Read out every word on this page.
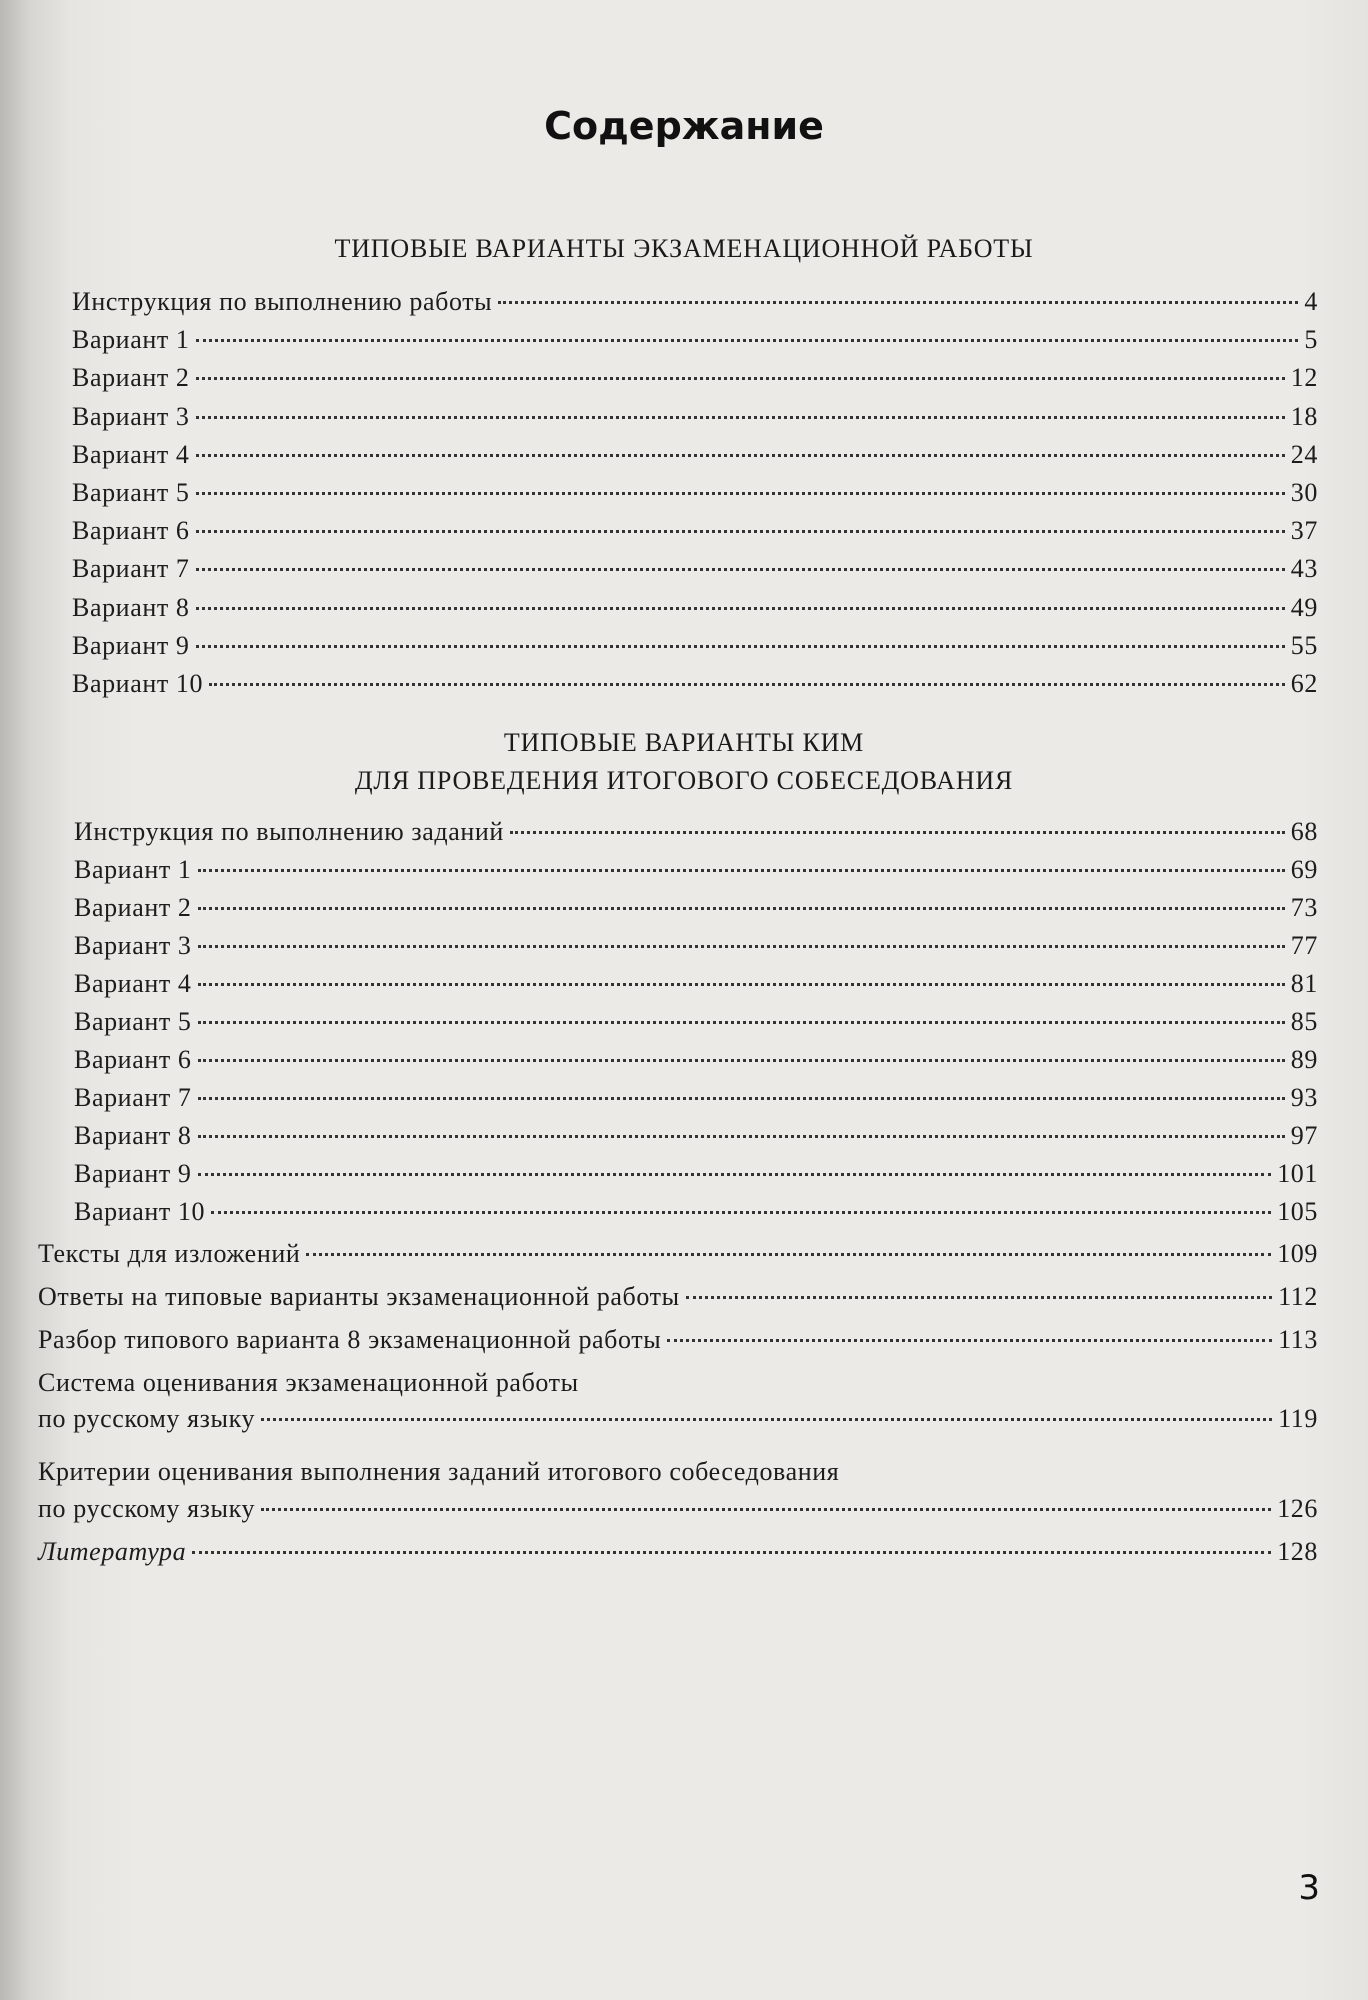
Содержание
ТИПОВЫЕ ВАРИАНТЫ ЭКЗАМЕНАЦИОННОЙ РАБОТЫ
Инструкция по выполнению работы	4
Вариант 1	5
Вариант 2	12
Вариант 3	18
Вариант 4	24
Вариант 5	30
Вариант 6	37
Вариант 7	43
Вариант 8	49
Вариант 9	55
Вариант 10	62
ТИПОВЫЕ ВАРИАНТЫ КИМ
ДЛЯ ПРОВЕДЕНИЯ ИТОГОВОГО СОБЕСЕДОВАНИЯ
Инструкция по выполнению заданий	68
Вариант 1	69
Вариант 2	73
Вариант 3	77
Вариант 4	81
Вариант 5	85
Вариант 6	89
Вариант 7	93
Вариант 8	97
Вариант 9	101
Вариант 10	105
Тексты для изложений	109
Ответы на типовые варианты экзаменационной работы	112
Разбор типового варианта 8 экзаменационной работы	113
Система оценивания экзаменационной работы
по русскому языку	119
Критерии оценивания выполнения заданий итогового собеседования
по русскому языку	126
Литература	128
3
